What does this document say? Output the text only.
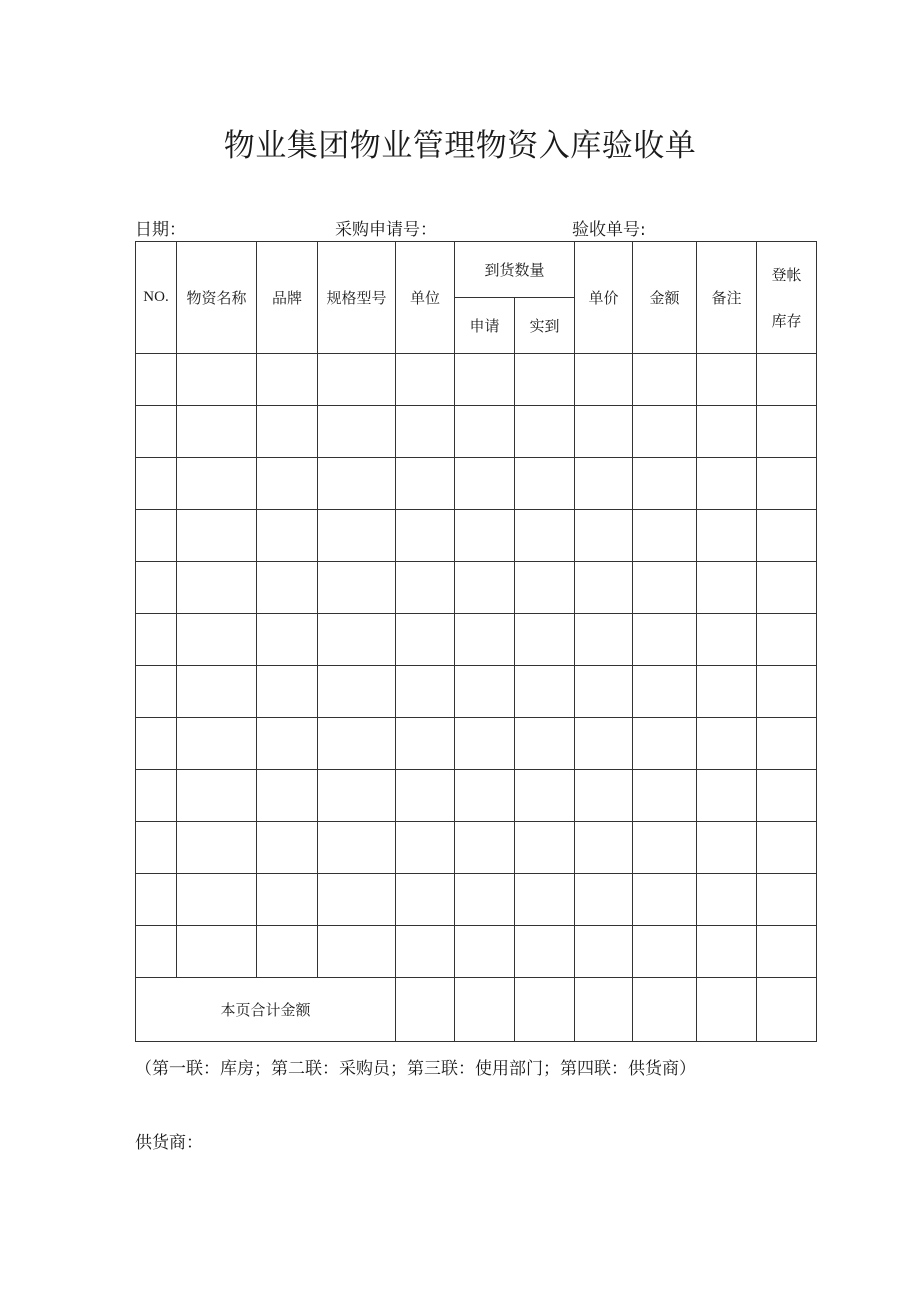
物业集团物业管理物资入库验收单
日期：	采购申请号：	验收单号:
NO.	物资名称	品牌	规格型号	单位	到货数量		单价	金额	备注	登帐
库存

					申请	实到				

本页合计金额										
（第一联：库房；第二联：采购员；第三联：使用部门；第四联：供货商）
供货商：
